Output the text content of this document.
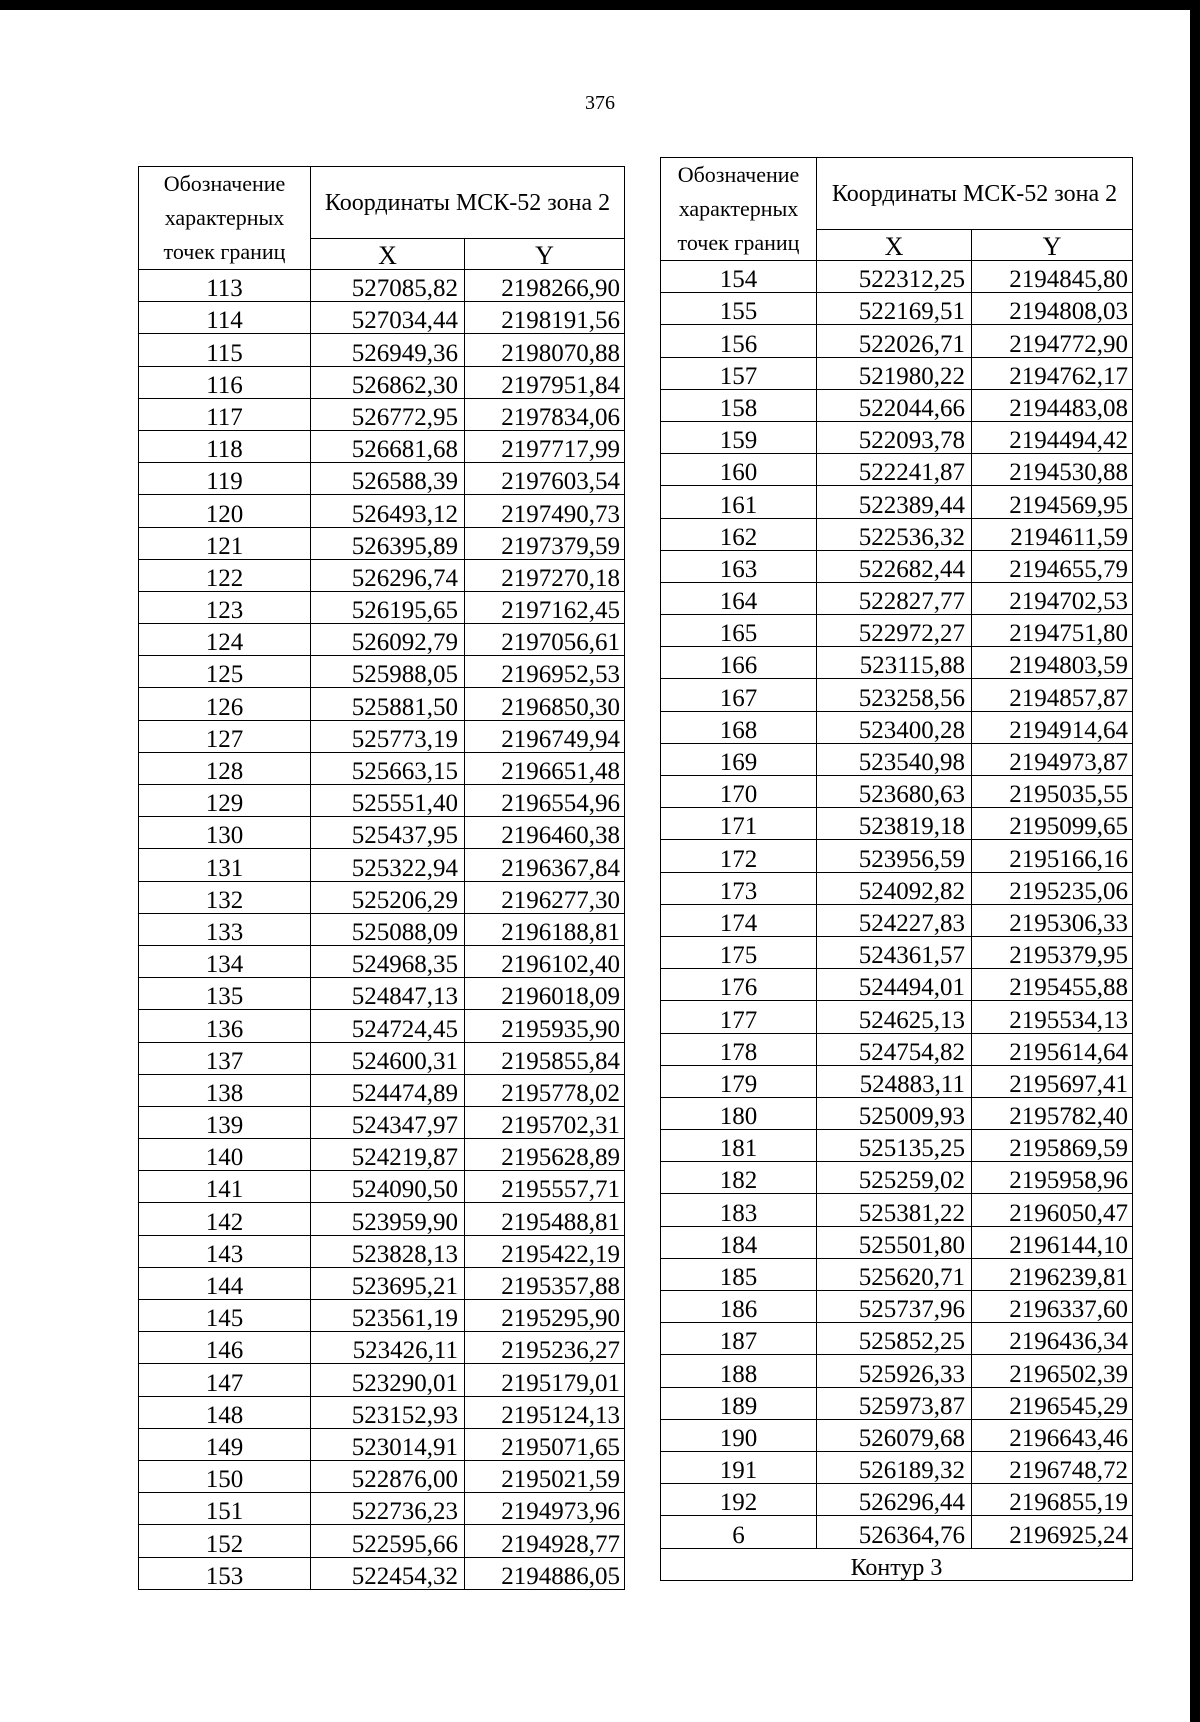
376
Обозначение характерных точек границ	Координаты МСК-52 зона 2	
	X	Y
113	527085,82	2198266,90
114	527034,44	2198191,56
115	526949,36	2198070,88
116	526862,30	2197951,84
117	526772,95	2197834,06
118	526681,68	2197717,99
119	526588,39	2197603,54
120	526493,12	2197490,73
121	526395,89	2197379,59
122	526296,74	2197270,18
123	526195,65	2197162,45
124	526092,79	2197056,61
125	525988,05	2196952,53
126	525881,50	2196850,30
127	525773,19	2196749,94
128	525663,15	2196651,48
129	525551,40	2196554,96
130	525437,95	2196460,38
131	525322,94	2196367,84
132	525206,29	2196277,30
133	525088,09	2196188,81
134	524968,35	2196102,40
135	524847,13	2196018,09
136	524724,45	2195935,90
137	524600,31	2195855,84
138	524474,89	2195778,02
139	524347,97	2195702,31
140	524219,87	2195628,89
141	524090,50	2195557,71
142	523959,90	2195488,81
143	523828,13	2195422,19
144	523695,21	2195357,88
145	523561,19	2195295,90
146	523426,11	2195236,27
147	523290,01	2195179,01
148	523152,93	2195124,13
149	523014,91	2195071,65
150	522876,00	2195021,59
151	522736,23	2194973,96
152	522595,66	2194928,77
153	522454,32	2194886,05
Обозначение характерных точек границ	Координаты МСК-52 зона 2	
	X	Y
154	522312,25	2194845,80
155	522169,51	2194808,03
156	522026,71	2194772,90
157	521980,22	2194762,17
158	522044,66	2194483,08
159	522093,78	2194494,42
160	522241,87	2194530,88
161	522389,44	2194569,95
162	522536,32	2194611,59
163	522682,44	2194655,79
164	522827,77	2194702,53
165	522972,27	2194751,80
166	523115,88	2194803,59
167	523258,56	2194857,87
168	523400,28	2194914,64
169	523540,98	2194973,87
170	523680,63	2195035,55
171	523819,18	2195099,65
172	523956,59	2195166,16
173	524092,82	2195235,06
174	524227,83	2195306,33
175	524361,57	2195379,95
176	524494,01	2195455,88
177	524625,13	2195534,13
178	524754,82	2195614,64
179	524883,11	2195697,41
180	525009,93	2195782,40
181	525135,25	2195869,59
182	525259,02	2195958,96
183	525381,22	2196050,47
184	525501,80	2196144,10
185	525620,71	2196239,81
186	525737,96	2196337,60
187	525852,25	2196436,34
188	525926,33	2196502,39
189	525973,87	2196545,29
190	526079,68	2196643,46
191	526189,32	2196748,72
192	526296,44	2196855,19
6	526364,76	2196925,24
Контур 3		
